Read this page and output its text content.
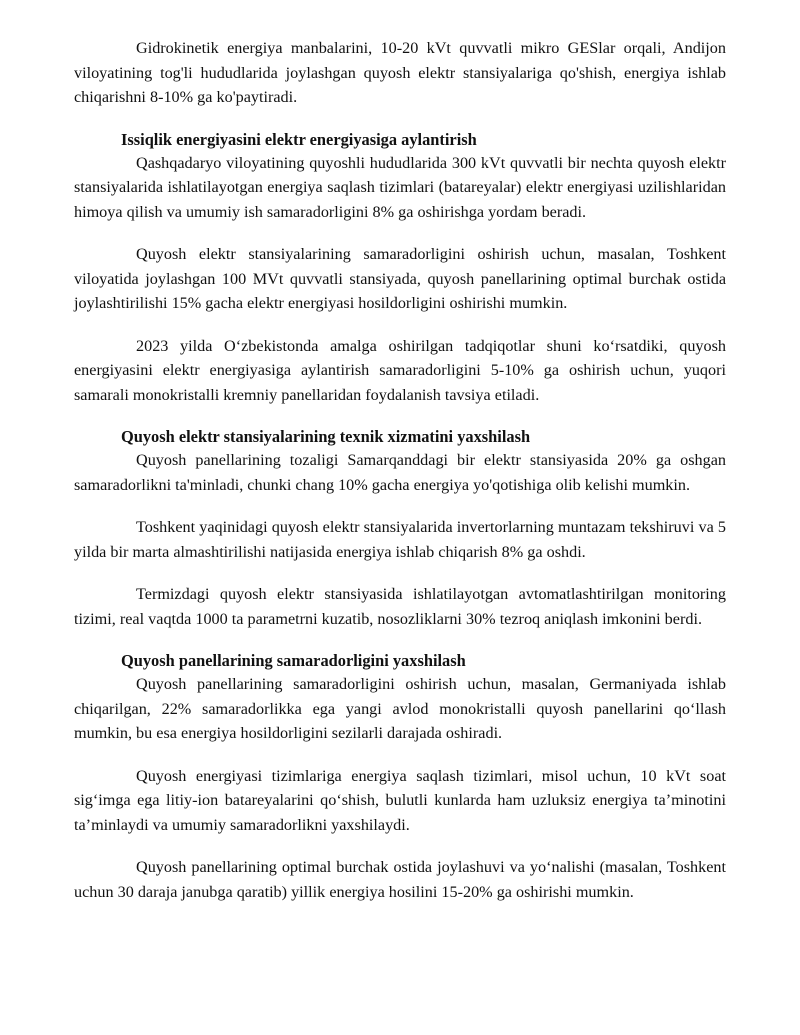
Gidrokinetik energiya manbalarini, 10-20 kVt quvvatli mikro GESlar orqali, Andijon viloyatining tog'li hududlarida joylashgan quyosh elektr stansiyalariga qo'shish, energiya ishlab chiqarishni 8-10% ga ko'paytiradi.

Issiqlik energiyasini elektr energiyasiga aylantirish

Qashqadaryo viloyatining quyoshli hududlarida 300 kVt quvvatli bir nechta quyosh elektr stansiyalarida ishlatilayotgan energiya saqlash tizimlari (batareyalar) elektr energiyasi uzilishlaridan himoya qilish va umumiy ish samaradorligini 8% ga oshirishga yordam beradi.

Quyosh elektr stansiyalarining samaradorligini oshirish uchun, masalan, Toshkent viloyatida joylashgan 100 MVt quvvatli stansiyada, quyosh panellarining optimal burchak ostida joylashtirilishi 15% gacha elektr energiyasi hosildorligini oshirishi mumkin.

2023 yilda O‘zbekistonda amalga oshirilgan tadqiqotlar shuni ko‘rsatdiki, quyosh energiyasini elektr energiyasiga aylantirish samaradorligini 5-10% ga oshirish uchun, yuqori samarali monokristalli kremniy panellaridan foydalanish tavsiya etiladi.

Quyosh elektr stansiyalarining texnik xizmatini yaxshilash

Quyosh panellarining tozaligi Samarqanddagi bir elektr stansiyasida 20% ga oshgan samaradorlikni ta'minladi, chunki chang 10% gacha energiya yo'qotishiga olib kelishi mumkin.

Toshkent yaqinidagi quyosh elektr stansiyalarida invertorlarning muntazam tekshiruvi va 5 yilda bir marta almashtirilishi natijasida energiya ishlab chiqarish 8% ga oshdi.

Termizdagi quyosh elektr stansiyasida ishlatilayotgan avtomatlashtirilgan monitoring tizimi, real vaqtda 1000 ta parametrni kuzatib, nosozliklarni 30% tezroq aniqlash imkonini berdi.

Quyosh panellarining samaradorligini yaxshilash

Quyosh panellarining samaradorligini oshirish uchun, masalan, Germaniyada ishlab chiqarilgan, 22% samaradorlikka ega yangi avlod monokristalli quyosh panellarini qo‘llash mumkin, bu esa energiya hosildorligini sezilarli darajada oshiradi.

Quyosh energiyasi tizimlariga energiya saqlash tizimlari, misol uchun, 10 kVt soat sig‘imga ega litiy-ion batareyalarini qo‘shish, bulutli kunlarda ham uzluksiz energiya ta’minotini ta’minlaydi va umumiy samaradorlikni yaxshilaydi.

Quyosh panellarining optimal burchak ostida joylashuvi va yo‘nalishi (masalan, Toshkent uchun 30 daraja janubga qaratib) yillik energiya hosilini 15-20% ga oshirishi mumkin.
